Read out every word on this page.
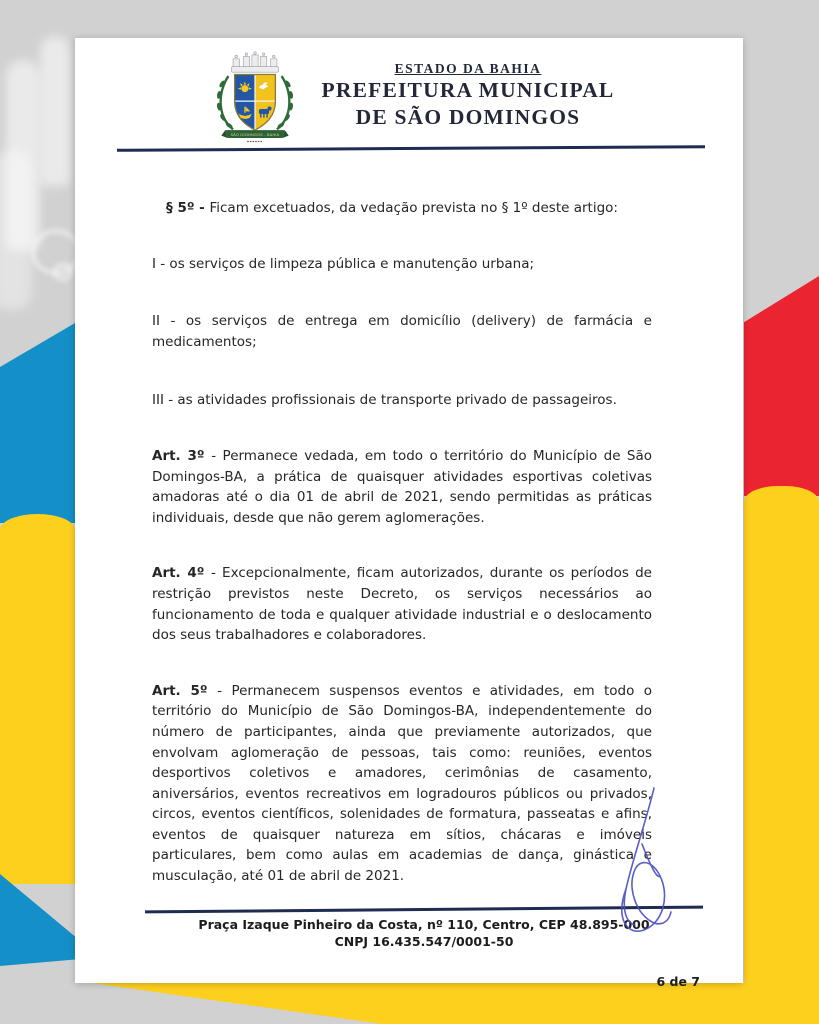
SÃO DOMINGOS - BAHIA
ESTADO DA BAHIA
PREFEITURA MUNICIPAL
DE SÃO DOMINGOS

§ 5º - Ficam excetuados, da vedação prevista no § 1º deste artigo:

I - os serviços de limpeza pública e manutenção urbana;

II - os serviços de entrega em domicílio (delivery) de farmácia e medicamentos;

III - as atividades profissionais de transporte privado de passageiros.

Art. 3º - Permanece vedada, em todo o território do Município de São Domingos-BA, a prática de quaisquer atividades esportivas coletivas amadoras até o dia 01 de abril de 2021, sendo permitidas as práticas individuais, desde que não gerem aglomerações.

Art. 4º - Excepcionalmente, ficam autorizados, durante os períodos de restrição previstos neste Decreto, os serviços necessários ao funcionamento de toda e qualquer atividade industrial e o deslocamento dos seus trabalhadores e colaboradores.

Art. 5º - Permanecem suspensos eventos e atividades, em todo o território do Município de São Domingos-BA, independentemente do número de participantes, ainda que previamente autorizados, que envolvam aglomeração de pessoas, tais como: reuniões, eventos desportivos coletivos e amadores, cerimônias de casamento, aniversários, eventos recreativos em logradouros públicos ou privados, circos, eventos científicos, solenidades de formatura, passeatas e afins, eventos de quaisquer natureza em sítios, chácaras e imóveis particulares, bem como aulas em academias de dança, ginástica e musculação, até 01 de abril de 2021.

Praça Izaque Pinheiro da Costa, nº 110, Centro, CEP 48.895-000
CNPJ 16.435.547/0001-50
6 de 7
